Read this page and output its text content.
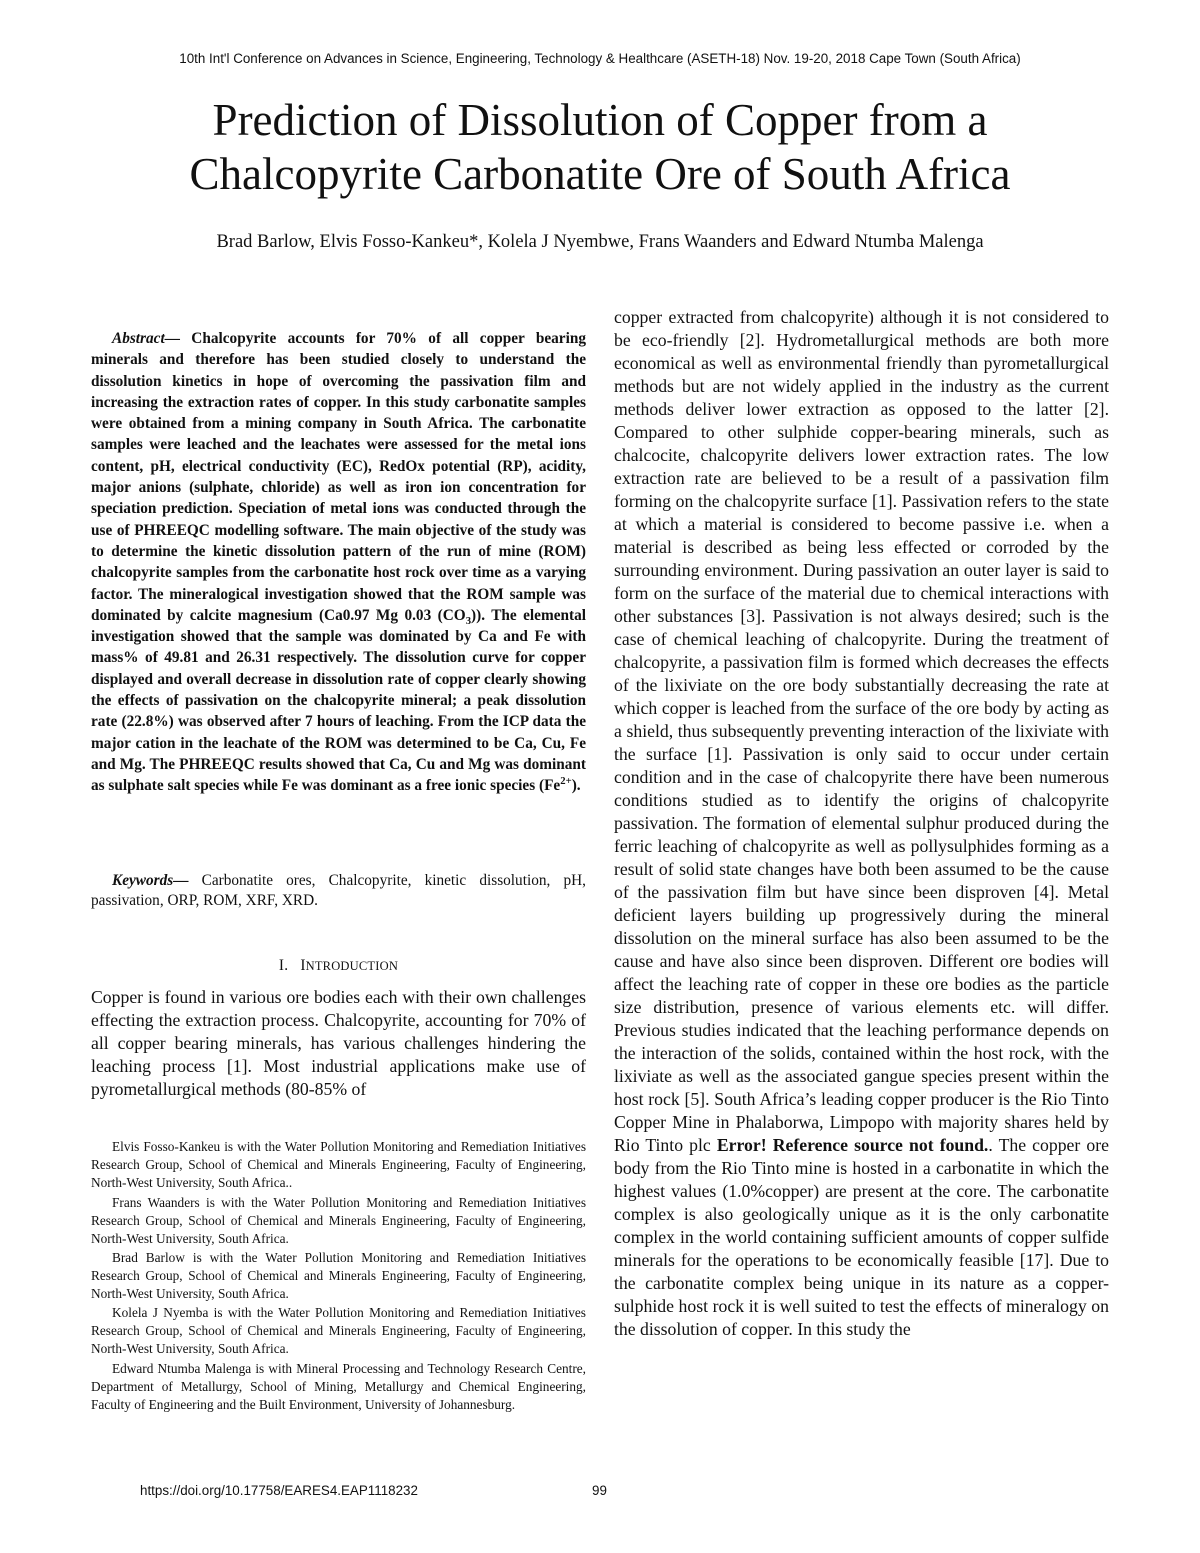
10th Int'l Conference on Advances in Science, Engineering, Technology & Healthcare (ASETH-18) Nov. 19-20, 2018 Cape Town (South Africa)
Prediction of Dissolution of Copper from a
Chalcopyrite Carbonatite Ore of South Africa
Brad Barlow, Elvis Fosso-Kankeu*, Kolela J Nyembwe, Frans Waanders and Edward Ntumba Malenga

Abstract— Chalcopyrite accounts for 70% of all copper bearing minerals and therefore has been studied closely to understand the dissolution kinetics in hope of overcoming the passivation film and increasing the extraction rates of copper. In this study carbonatite samples were obtained from a mining company in South Africa. The carbonatite samples were leached and the leachates were assessed for the metal ions content, pH, electrical conductivity (EC), RedOx potential (RP), acidity, major anions (sulphate, chloride) as well as iron ion concentration for speciation prediction. Speciation of metal ions was conducted through the use of PHREEQC modelling software. The main objective of the study was to determine the kinetic dissolution pattern of the run of mine (ROM) chalcopyrite samples from the carbonatite host rock over time as a varying factor. The mineralogical investigation showed that the ROM sample was dominated by calcite magnesium (Ca0.97 Mg 0.03 $(CO_3)$). The elemental investigation showed that the sample was dominated by Ca and Fe with mass% of 49.81 and 26.31 respectively. The dissolution curve for copper displayed and overall decrease in dissolution rate of copper clearly showing the effects of passivation on the chalcopyrite mineral; a peak dissolution rate (22.8%) was observed after 7 hours of leaching. From the ICP data the major cation in the leachate of the ROM was determined to be Ca, Cu, Fe and Mg. The PHREEQC results showed that Ca, Cu and Mg was dominant as sulphate salt species while Fe was dominant as a free ionic species $(Fe^{2+})$.

Keywords— Carbonatite ores, Chalcopyrite, kinetic dissolution, pH, passivation, ORP, ROM, XRF, XRD.

I. INTRODUCTION

Copper is found in various ore bodies each with their own challenges effecting the extraction process. Chalcopyrite, accounting for 70% of all copper bearing minerals, has various challenges hindering the leaching process [1]. Most industrial applications make use of pyrometallurgical methods (80-85% of

Elvis Fosso-Kankeu is with the Water Pollution Monitoring and Remediation Initiatives Research Group, School of Chemical and Minerals Engineering, Faculty of Engineering, North-West University, South Africa..

Frans Waanders is with the Water Pollution Monitoring and Remediation Initiatives Research Group, School of Chemical and Minerals Engineering, Faculty of Engineering, North-West University, South Africa.

Brad Barlow is with the Water Pollution Monitoring and Remediation Initiatives Research Group, School of Chemical and Minerals Engineering, Faculty of Engineering, North-West University, South Africa.

Kolela J Nyemba is with the Water Pollution Monitoring and Remediation Initiatives Research Group, School of Chemical and Minerals Engineering, Faculty of Engineering, North-West University, South Africa.

Edward Ntumba Malenga is with Mineral Processing and Technology Research Centre, Department of Metallurgy, School of Mining, Metallurgy and Chemical Engineering, Faculty of Engineering and the Built Environment, University of Johannesburg.

copper extracted from chalcopyrite) although it is not considered to be eco-friendly [2]. Hydrometallurgical methods are both more economical as well as environmental friendly than pyrometallurgical methods but are not widely applied in the industry as the current methods deliver lower extraction as opposed to the latter [2]. Compared to other sulphide copper-bearing minerals, such as chalcocite, chalcopyrite delivers lower extraction rates. The low extraction rate are believed to be a result of a passivation film forming on the chalcopyrite surface [1]. Passivation refers to the state at which a material is considered to become passive i.e. when a material is described as being less effected or corroded by the surrounding environment. During passivation an outer layer is said to form on the surface of the material due to chemical interactions with other substances [3]. Passivation is not always desired; such is the case of chemical leaching of chalcopyrite. During the treatment of chalcopyrite, a passivation film is formed which decreases the effects of the lixiviate on the ore body substantially decreasing the rate at which copper is leached from the surface of the ore body by acting as a shield, thus subsequently preventing interaction of the lixiviate with the surface [1]. Passivation is only said to occur under certain condition and in the case of chalcopyrite there have been numerous conditions studied as to identify the origins of chalcopyrite passivation. The formation of elemental sulphur produced during the ferric leaching of chalcopyrite as well as pollysulphides forming as a result of solid state changes have both been assumed to be the cause of the passivation film but have since been disproven [4]. Metal deficient layers building up progressively during the mineral dissolution on the mineral surface has also been assumed to be the cause and have also since been disproven. Different ore bodies will affect the leaching rate of copper in these ore bodies as the particle size distribution, presence of various elements etc. will differ. Previous studies indicated that the leaching performance depends on the interaction of the solids, contained within the host rock, with the lixiviate as well as the associated gangue species present within the host rock [5]. South Africa’s leading copper producer is the Rio Tinto Copper Mine in Phalaborwa, Limpopo with majority shares held by Rio Tinto plc Error! Reference source not found.. The copper ore body from the Rio Tinto mine is hosted in a carbonatite in which the highest values (1.0%copper) are present at the core. The carbonatite complex is also geologically unique as it is the only carbonatite complex in the world containing sufficient amounts of copper sulfide minerals for the operations to be economically feasible [17]. Due to the carbonatite complex being unique in its nature as a copper-sulphide host rock it is well suited to test the effects of mineralogy on the dissolution of copper. In this study the

https://doi.org/10.17758/EARES4.EAP1118232	99
